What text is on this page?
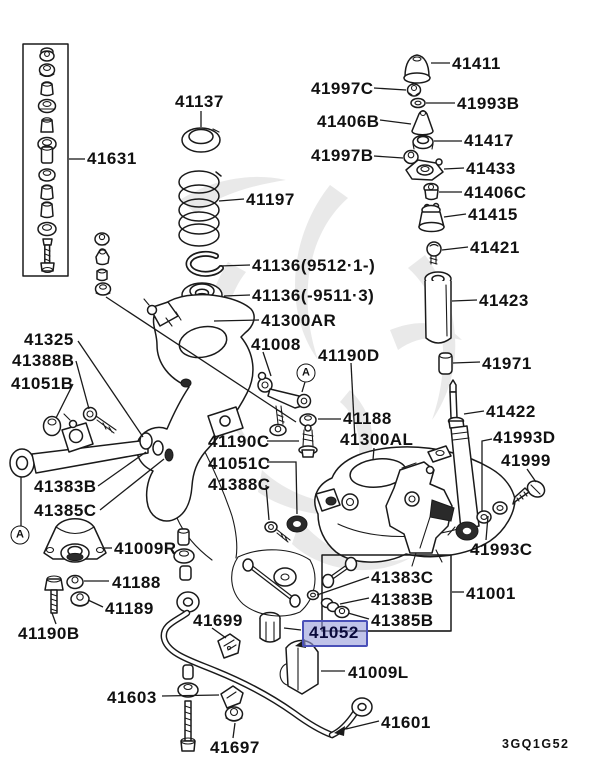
41631
41137
41197
41136(9512·1-)
41136(-9511·3)
41300AR
41008
41190D
41188
41300AL
41190C
41051C
41388C
41325
41388B
41051B
41383B
41385C
41009R
41188
41189
41190B
41699
41603
41697
41383C
41383B
41385B
41001
41993C
41009L
41601
41411
41997C
41993B
41406B
41417
41997B
41433
41406C
41415
41421
41423
41971
41422
41993D
41999
41052
A
A
3GQ1G52
